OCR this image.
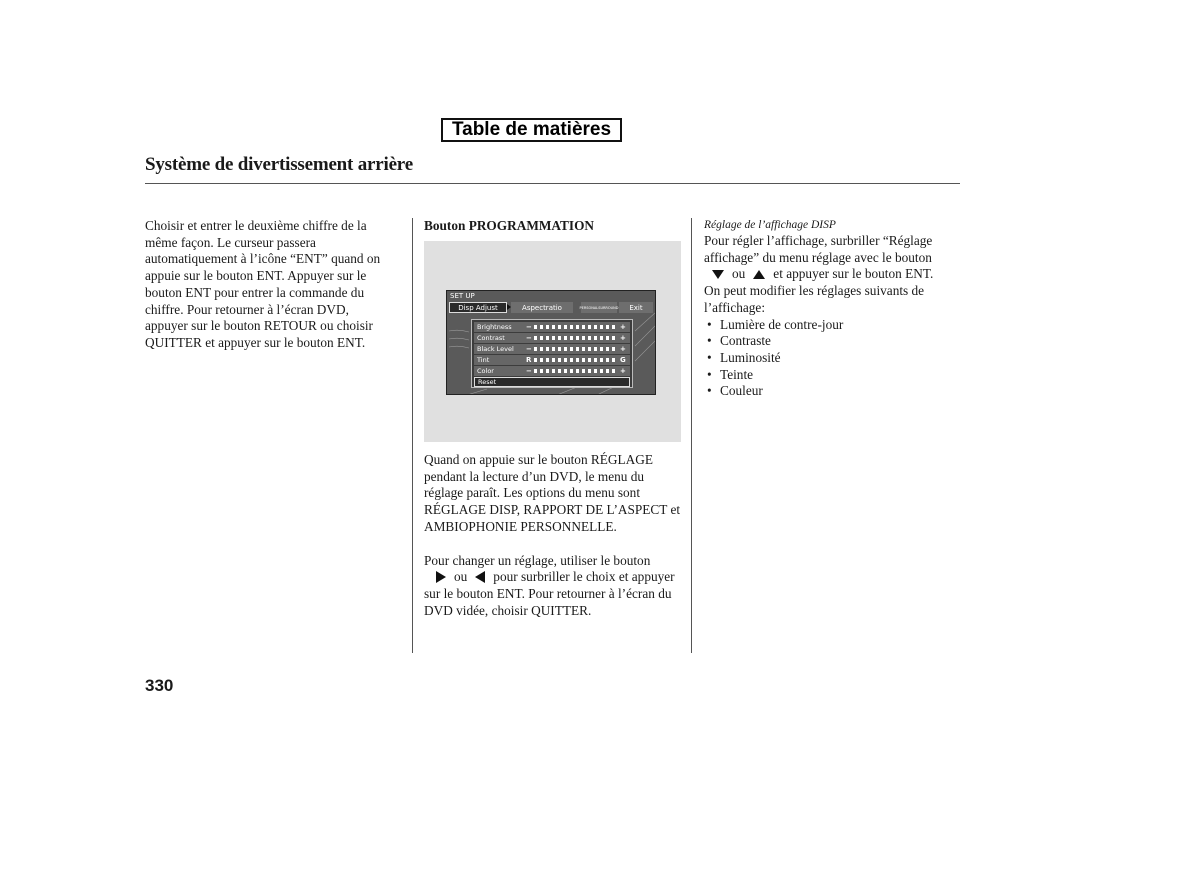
Table de matières
Système de divertissement arrière

Choisir et entrer le deuxième chiffre de la même façon. Le curseur passera automatiquement à l’icône “ENT” quand on appuie sur le bouton ENT. Appuyer sur le bouton ENT pour entrer la commande du chiffre. Pour retourner à l’écran DVD, appuyer sur le bouton RETOUR ou choisir QUITTER et appuyer sur le bouton ENT.

Bouton PROGRAMMATION

SET UP
Disp Adjust	Aspectratio	PERSONAL SURROUND	Exit
Brightness −	+
Contrast	−	+
Black Level −	+
Tint	R	G
Color	−	+
Reset

Quand on appuie sur le bouton RÉGLAGE pendant la lecture d’un DVD, le menu du réglage paraît. Les options du menu sont RÉGLAGE DISP, RAPPORT DE L’ASPECT et AMBIOPHONIE PERSONNELLE.

Pour changer un réglage, utiliser le bouton
ou pour surbriller le choix et appuyer sur le bouton ENT. Pour retourner à l’écran du DVD vidée, choisir QUITTER.

Réglage de l’affichage DISP

Pour régler l’affichage, surbriller “Réglage affichage” du menu réglage avec le bouton
ou et appuyer sur le bouton ENT.

On peut modifier les réglages suivants de l’affichage:

• Lumière de contre-jour
• Contraste
• Luminosité
• Teinte
• Couleur
330
